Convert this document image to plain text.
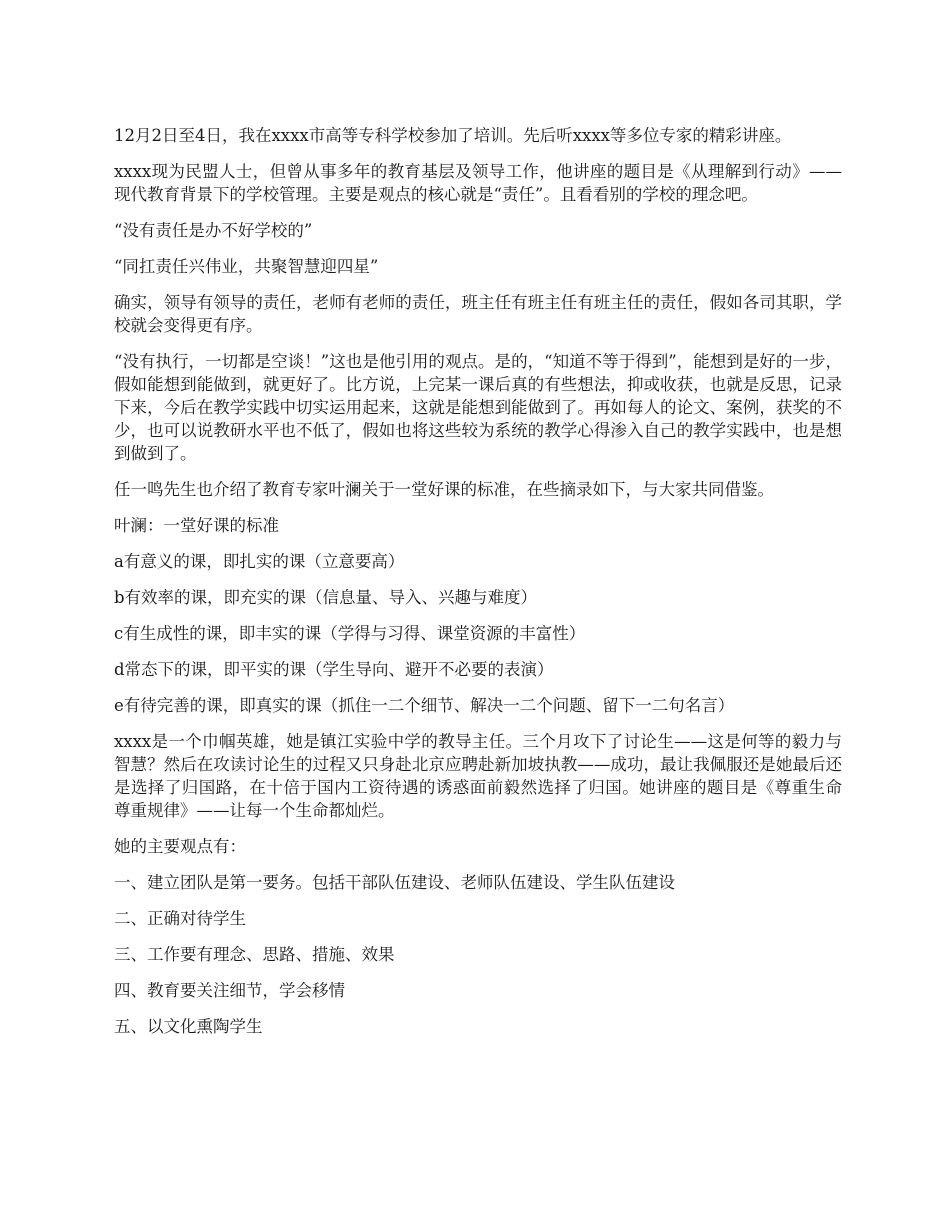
12月2日至4日，我在xxxx市高等专科学校参加了培训。先后听xxxx等多位专家的精彩讲座。

xxxx现为民盟人士，但曾从事多年的教育基层及领导工作，他讲座的题目是《从理解到行动》——现代教育背景下的学校管理。主要是观点的核心就是“责任”。且看看别的学校的理念吧。

“没有责任是办不好学校的”

“同扛责任兴伟业，共聚智慧迎四星”

确实，领导有领导的责任，老师有老师的责任，班主任有班主任有班主任的责任，假如各司其职，学校就会变得更有序。

“没有执行，一切都是空谈！”这也是他引用的观点。是的，“知道不等于得到”，能想到是好的一步，假如能想到能做到，就更好了。比方说，上完某一课后真的有些想法，抑或收获，也就是反思，记录下来，今后在教学实践中切实运用起来，这就是能想到能做到了。再如每人的论文、案例，获奖的不少，也可以说教研水平也不低了，假如也将这些较为系统的教学心得渗入自己的教学实践中，也是想到做到了。

任一鸣先生也介绍了教育专家叶澜关于一堂好课的标准，在些摘录如下，与大家共同借鉴。

叶澜：一堂好课的标准

a有意义的课，即扎实的课（立意要高）

b有效率的课，即充实的课（信息量、导入、兴趣与难度）

c有生成性的课，即丰实的课（学得与习得、课堂资源的丰富性）

d常态下的课，即平实的课（学生导向、避开不必要的表演）

e有待完善的课，即真实的课（抓住一二个细节、解决一二个问题、留下一二句名言）

xxxx是一个巾帼英雄，她是镇江实验中学的教导主任。三个月攻下了讨论生——这是何等的毅力与智慧？然后在攻读讨论生的过程又只身赴北京应聘赴新加坡执教——成功，最让我佩服还是她最后还是选择了归国路，在十倍于国内工资待遇的诱惑面前毅然选择了归国。她讲座的题目是《尊重生命 尊重规律》——让每一个生命都灿烂。

她的主要观点有：

一、建立团队是第一要务。包括干部队伍建设、老师队伍建设、学生队伍建设

二、正确对待学生

三、工作要有理念、思路、措施、效果

四、教育要关注细节，学会移情

五、以文化熏陶学生
